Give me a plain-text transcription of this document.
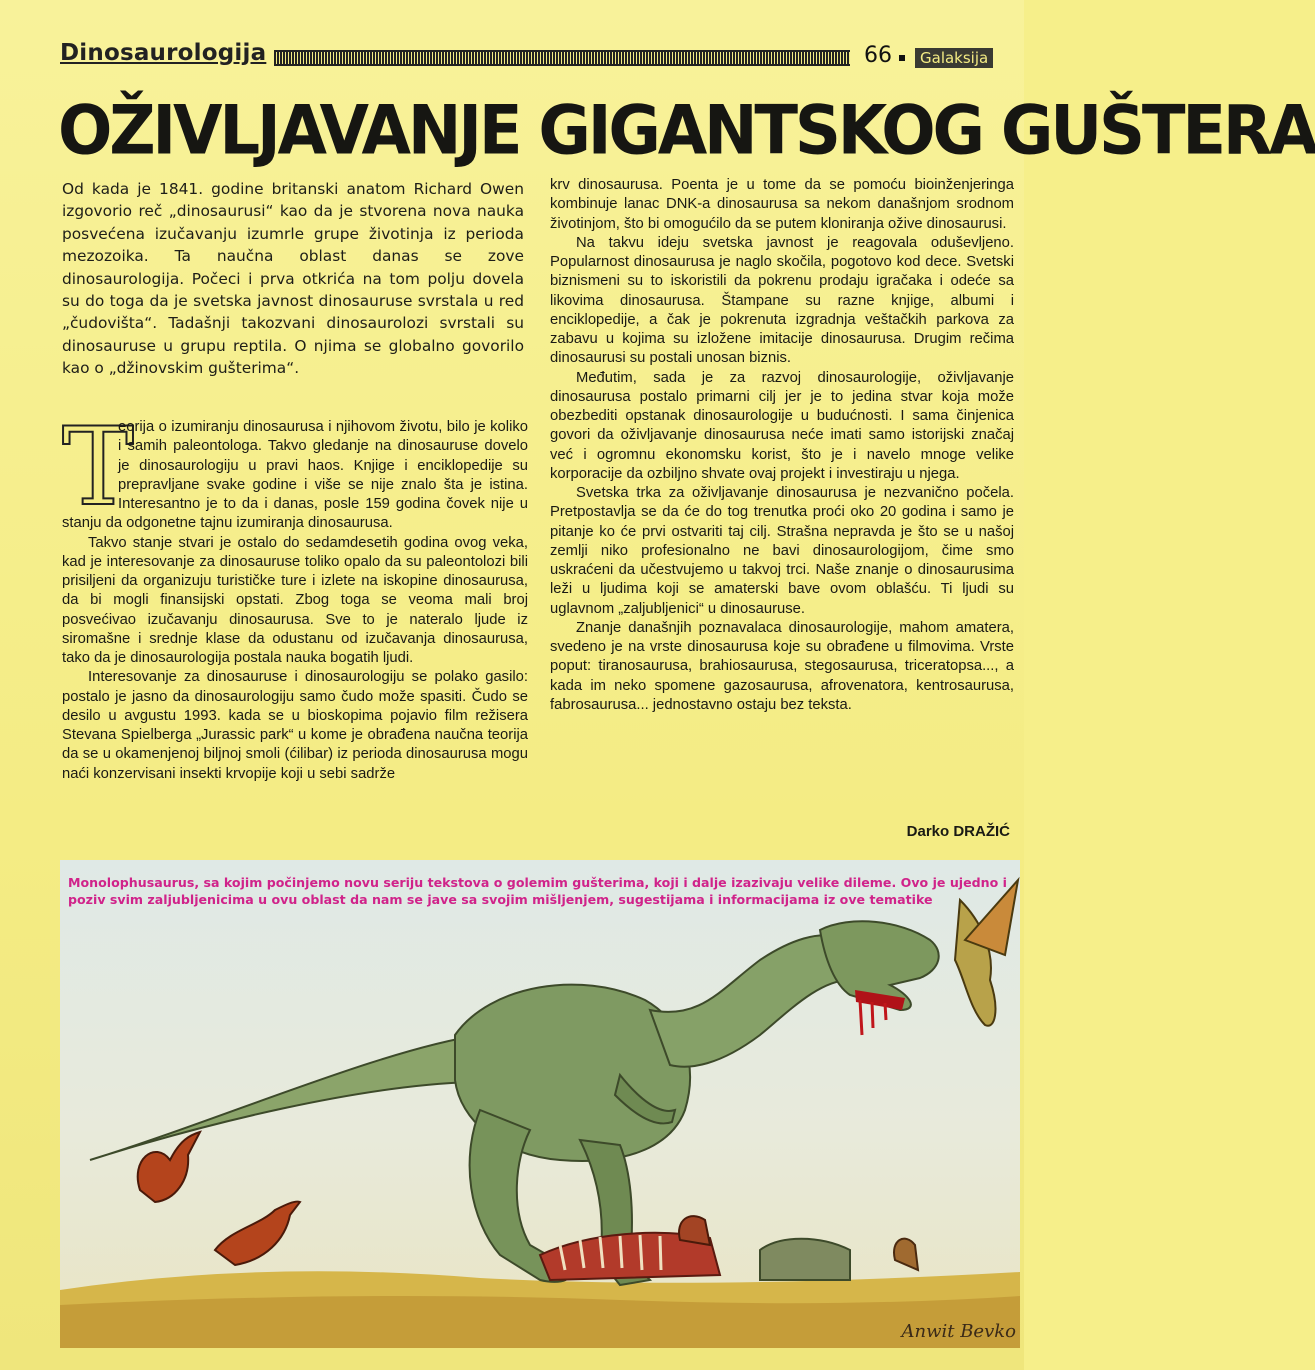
Dinosaurologija	66	Galaksija
OŽIVLJAVANJE GIGANTSKOG GUŠTERA
Od kada je 1841. godine britanski anatom Richard Owen izgovorio reč „dinosaurusi“ kao da je stvorena nova nauka posvećena izučavanju izumrle grupe životinja iz perioda mezozoika. Ta naučna oblast danas se zove dinosaurologija. Počeci i prva otkrića na tom polju dovela su do toga da je svetska javnost dinosauruse svrstala u red „čudovišta“. Tadašnji takozvani dinosaurolozi svrstali su dinosauruse u grupu reptila. O njima se globalno govorilo kao o „džinovskim gušterima“.

T
eorija o izumiranju dinosaurusa i njihovom životu, bilo je koliko i samih paleontologa. Takvo gledanje na dinosauruse dovelo je dinosaurologiju u pravi haos. Knjige i enciklopedije su prepravljane svake godine i više se nije znalo šta je istina. Interesantno je to da i danas, posle 159 godina čovek nije u stanju da odgonetne tajnu izumiranja dinosaurusa.

Takvo stanje stvari je ostalo do sedamdesetih godina ovog veka, kad je interesovanje za dinosauruse toliko opalo da su paleontolozi bili prisiljeni da organizuju turističke ture i izlete na iskopine dinosaurusa, da bi mogli finansijski opstati. Zbog toga se veoma mali broj posvećivao izučavanju dinosaurusa. Sve to je nateralo ljude iz siromašne i srednje klase da odustanu od izučavanja dinosaurusa, tako da je dinosaurologija postala nauka bogatih ljudi.

Interesovanje za dinosauruse i dinosaurologiju se polako gasilo: postalo je jasno da dinosaurologiju samo čudo može spasiti. Čudo se desilo u avgustu 1993. kada se u bioskopima pojavio film režisera Stevana Spielberga „Jurassic park“ u kome je obrađena naučna teorija da se u okamenjenoj biljnoj smoli (ćilibar) iz perioda dinosaurusa mogu naći konzervisani insekti krvopije koji u sebi sadrže

krv dinosaurusa. Poenta je u tome da se pomoću bioinženjeringa kombinuje lanac DNK-a dinosaurusa sa nekom današnjom srodnom životinjom, što bi omogućilo da se putem kloniranja ožive dinosaurusi.

Na takvu ideju svetska javnost je reagovala oduševljeno. Popularnost dinosaurusa je naglo skočila, pogotovo kod dece. Svetski biznismeni su to iskoristili da pokrenu prodaju igračaka i odeće sa likovima dinosaurusa. Štampane su razne knjige, albumi i enciklopedije, a čak je pokrenuta izgradnja veštačkih parkova za zabavu u kojima su izložene imitacije dinosaurusa. Drugim rečima dinosaurusi su postali unosan biznis.

Međutim, sada je za razvoj dinosaurologije, oživljavanje dinosaurusa postalo primarni cilj jer je to jedina stvar koja može obezbediti opstanak dinosaurologije u budućnosti. I sama činjenica govori da oživljavanje dinosaurusa neće imati samo istorijski značaj već i ogromnu ekonomsku korist, što je i navelo mnoge velike korporacije da ozbiljno shvate ovaj projekt i investiraju u njega.

Svetska trka za oživljavanje dinosaurusa je nezvanično počela. Pretpostavlja se da će do tog trenutka proći oko 20 godina i samo je pitanje ko će prvi ostvariti taj cilj. Strašna nepravda je što se u našoj zemlji niko profesionalno ne bavi dinosaurologijom, čime smo uskraćeni da učestvujemo u takvoj trci. Naše znanje o dinosaurusima leži u ljudima koji se amaterski bave ovom oblašću. Ti ljudi su uglavnom „zaljubljenici“ u dinosauruse.

Znanje današnjih poznavalaca dinosaurologije, mahom amatera, svedeno je na vrste dinosaurusa koje su obrađene u filmovima. Vrste poput: tiranosaurusa, brahiosaurusa, stegosaurusa, triceratopsa..., a kada im neko spomene gazosaurusa, afrovenatora, kentrosaurusa, fabrosaurusa... jednostavno ostaju bez teksta.

Darko DRAŽIĆ
Monolophusaurus, sa kojim počinjemo novu seriju tekstova o golemim gušterima, koji i dalje izazivaju velike dileme. Ovo je ujedno i poziv svim zaljubljenicima u ovu oblast da nam se jave sa svojim mišljenjem, sugestijama i informacijama iz ove tematike
Anwit Bevko
